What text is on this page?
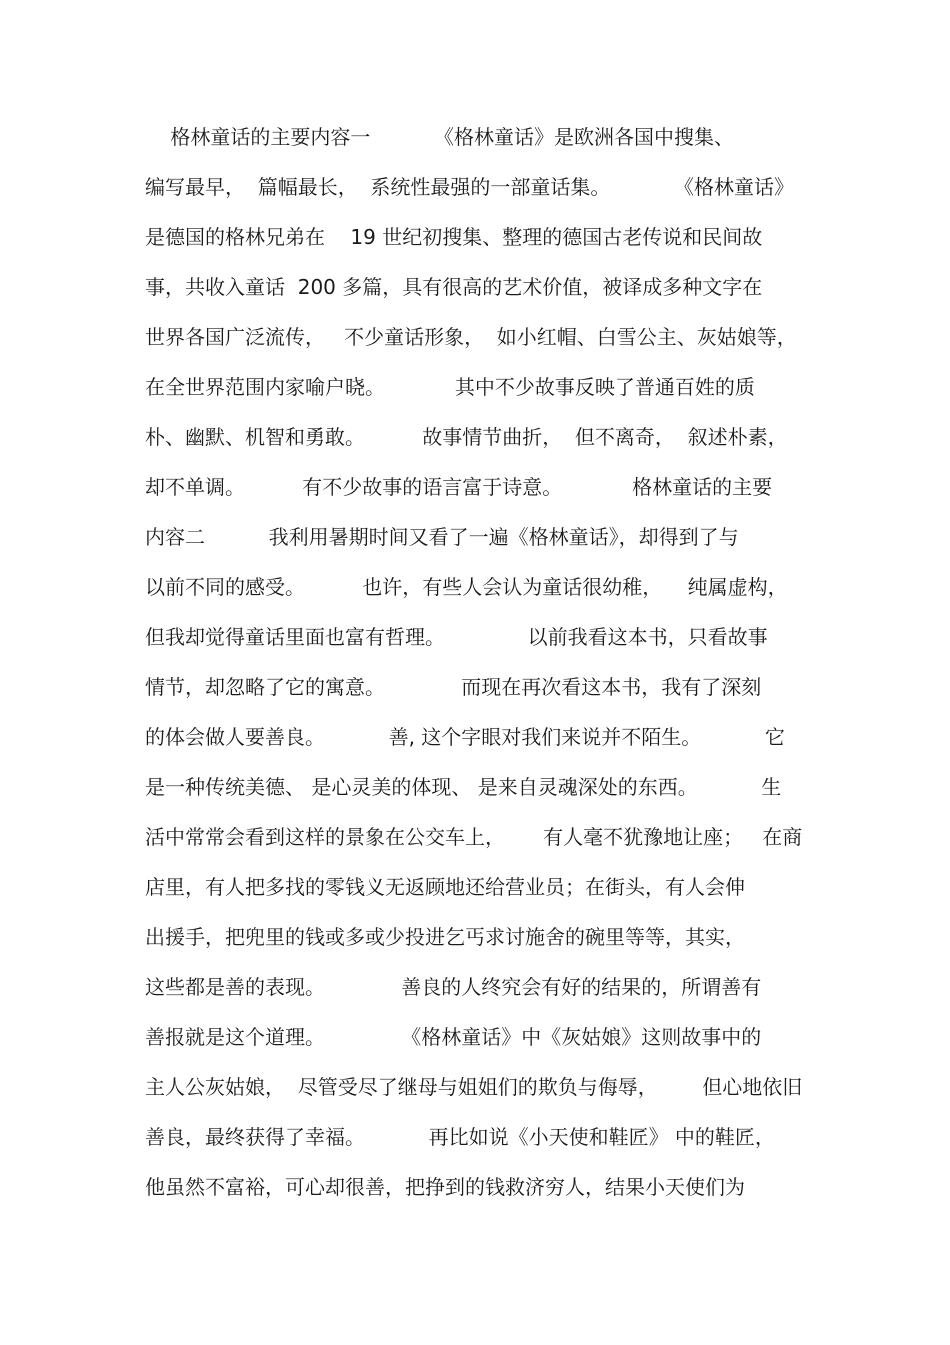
格林童话的主要内容一          《格林童话》是欧洲各国中搜集、
编写最早，  篇幅最长，  系统性最强的一部童话集。          《格林童话》
是德国的格林兄弟在    19 世纪初搜集、整理的德国古老传说和民间故
事，共收入童话  200 多篇，具有很高的艺术价值，被译成多种文字在
世界各国广泛流传，   不少童话形象，  如小红帽、白雪公主、灰姑娘等，
在全世界范围内家喻户晓。           其中不少故事反映了普通百姓的质
朴、幽默、机智和勇敢。         故事情节曲折，  但不离奇，  叙述朴素，
却不单调。         有不少故事的语言富于诗意。           格林童话的主要
内容二          我利用暑期时间又看了一遍《格林童话》，却得到了与
以前不同的感受。         也许，有些人会认为童话很幼稚，    纯属虚构，
但我却觉得童话里面也富有哲理。             以前我看这本书，只看故事
情节，却忽略了它的寓意。            而现在再次看这本书，我有了深刻
的体会做人要善良。          善, 这个字眼对我们来说并不陌生。          它
是一种传统美德、 是心灵美的体现、 是来自灵魂深处的东西。          生
活中常常会看到这样的景象在公交车上，      有人毫不犹豫地让座；   在商
店里，有人把多找的零钱义无返顾地还给营业员；在街头，有人会伸
出援手，把兜里的钱或多或少投进乞丐求讨施舍的碗里等等，其实，
这些都是善的表现。            善良的人终究会有好的结果的，所谓善有
善报就是这个道理。            《格林童话》中《灰姑娘》这则故事中的
主人公灰姑娘，  尽管受尽了继母与姐姐们的欺负与侮辱，       但心地依旧
善良，最终获得了幸福。          再比如说《小天使和鞋匠》 中的鞋匠，
他虽然不富裕，可心却很善，把挣到的钱救济穷人，结果小天使们为
